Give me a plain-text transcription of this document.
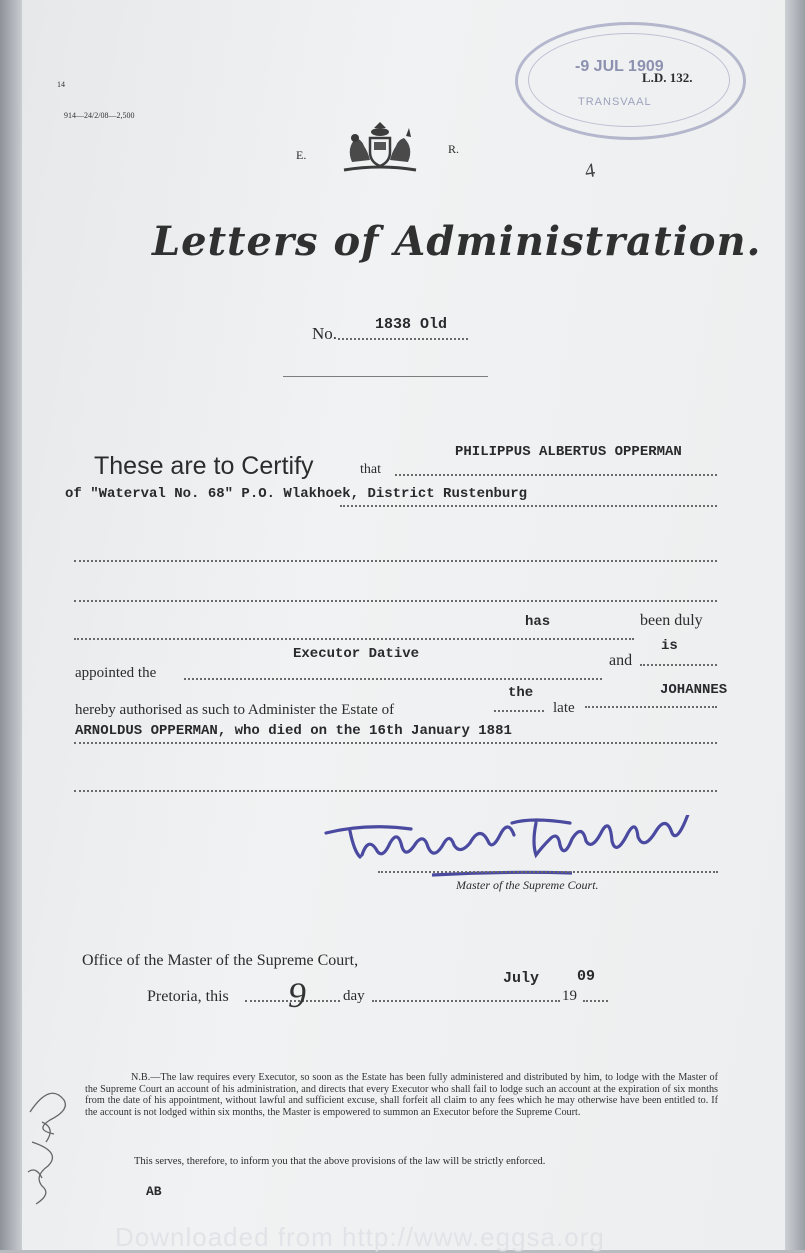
14
914—24/2/08—2,500
-9 JUL 1909
TRANSVAAL
L.D. 132.
E.	R.
4
Letters of Administration.
No.	1838 Old
These are to Certify	that
PHILIPPUS ALBERTUS OPPERMAN
of "Waterval No. 68" P.O. Wlakhoek, District Rustenburg
has	been duly
appointed the
Executor Dative	and
is
hereby authorised as such to Administer the Estate of
the
late
JOHANNES
ARNOLDUS OPPERMAN, who died on the 16th January 1881
Master of the Supreme Court.
Office of the Master of the Supreme Court,
Pretoria, this 9 day
July
19
09
N.B.—The law requires every Executor, so soon as the Estate has been fully administered and distributed by him, to lodge with the Master of the Supreme Court an account of his administration, and directs that every Executor who shall fail to lodge such an account at the expiration of six months from the date of his appointment, without lawful and sufficient excuse, shall forfeit all claim to any fees which he may otherwise have been entitled to. If the account is not lodged within six months, the Master is empowered to summon an Executor before the Supreme Court.
This serves, therefore, to inform you that the above provisions of the law will be strictly enforced.
AB
Downloaded from http://www.eggsa.org
